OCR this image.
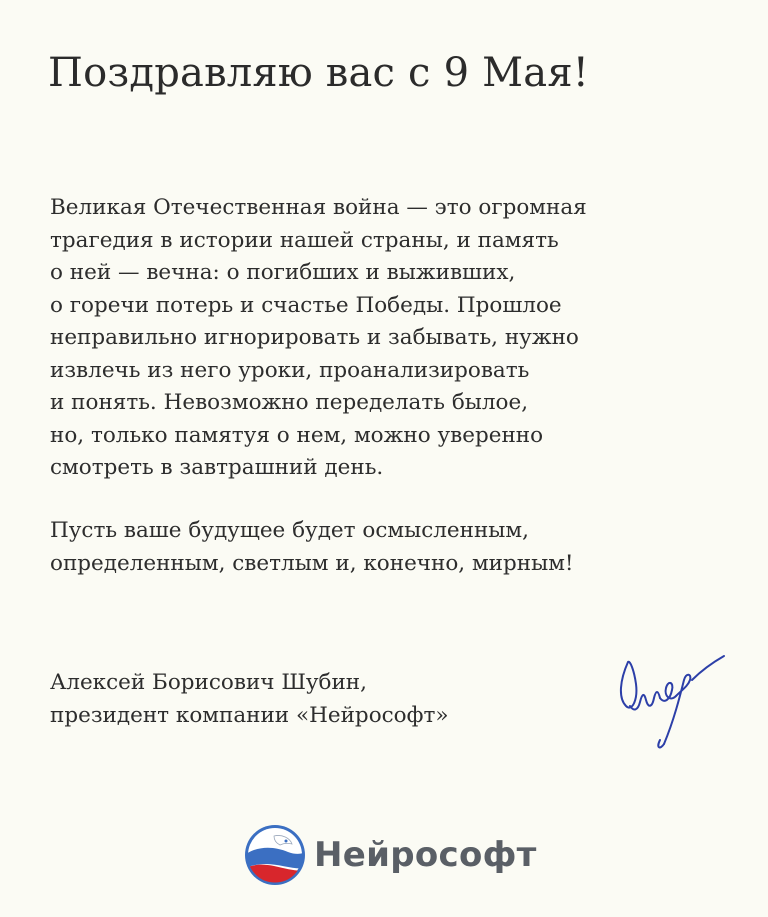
Поздравляю вас с 9 Мая!

Великая Отечественная война — это огромная
трагедия в истории нашей страны, и память
о ней — вечна: о погибших и выживших,
о горечи потерь и счастье Победы. Прошлое
неправильно игнорировать и забывать, нужно
извлечь из него уроки, проанализировать
и понять. Невозможно переделать былое,
но, только памятуя о нем, можно уверенно
смотреть в завтрашний день.

Пусть ваше будущее будет осмысленным,
определенным, светлым и, конечно, мирным!

Алексей Борисович Шубин,
президент компании «Нейрософт»
Нейрософт
